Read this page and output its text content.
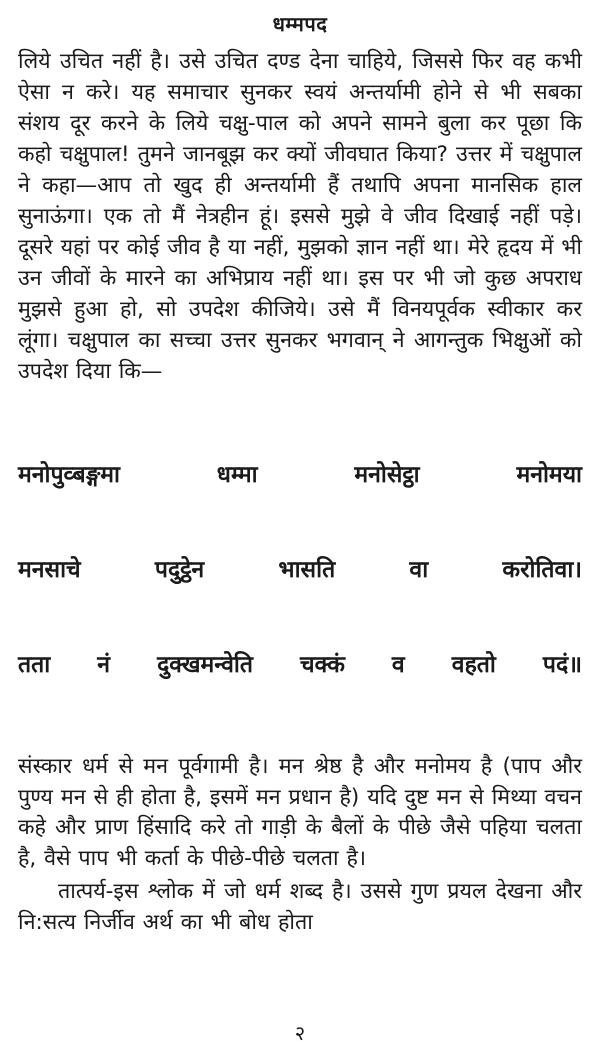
धम्मपद

लिये उचित नहीं है। उसे उचित दण्ड देना चाहिये, जिससे फिर वह कभी ऐसा न करे। यह समाचार सुनकर स्वयं अन्तर्यामी होने से भी सबका संशय दूर करने के लिये चक्षु-पाल को अपने सामने बुला कर पूछा कि कहो चक्षुपाल! तुमने जानबूझ कर क्यों जीवघात किया? उत्तर में चक्षुपाल ने कहा—आप तो खुद ही अन्तर्यामी हैं तथापि अपना मानसिक हाल सुनाऊंगा। एक तो मैं नेत्रहीन हूं। इससे मुझे वे जीव दिखाई नहीं पड़े। दूसरे यहां पर कोई जीव है या नहीं, मुझको ज्ञान नहीं था। मेरे हृदय में भी उन जीवों के मारने का अभिप्राय नहीं था। इस पर भी जो कुछ अपराध मुझसे हुआ हो, सो उपदेश कीजिये। उसे मैं विनयपूर्वक स्वीकार कर लूंगा। चक्षुपाल का सच्चा उत्तर सुनकर भगवान् ने आगन्तुक भिक्षुओं को उपदेश दिया कि—

मनोपुव्बङ्गमा धम्मा मनोसेट्ठा मनोमया

मनसाचे पदुट्ठेन भासति वा करोतिवा।

तता नं दुक्खमन्वेति चक्कं व वहतो पदं॥

संस्कार धर्म से मन पूर्वगामी है। मन श्रेष्ठ है और मनोमय है (पाप और पुण्य मन से ही होता है, इसमें मन प्रधान है) यदि दुष्ट मन से मिथ्या वचन कहे और प्राण हिंसादि करे तो गाड़ी के बैलों के पीछे जैसे पहिया चलता है, वैसे पाप भी कर्ता के पीछे-पीछे चलता है।

तात्पर्य-इस श्लोक में जो धर्म शब्द है। उससे गुण प्रयल देखना और नि:सत्य निर्जीव अर्थ का भी बोध होता

२
